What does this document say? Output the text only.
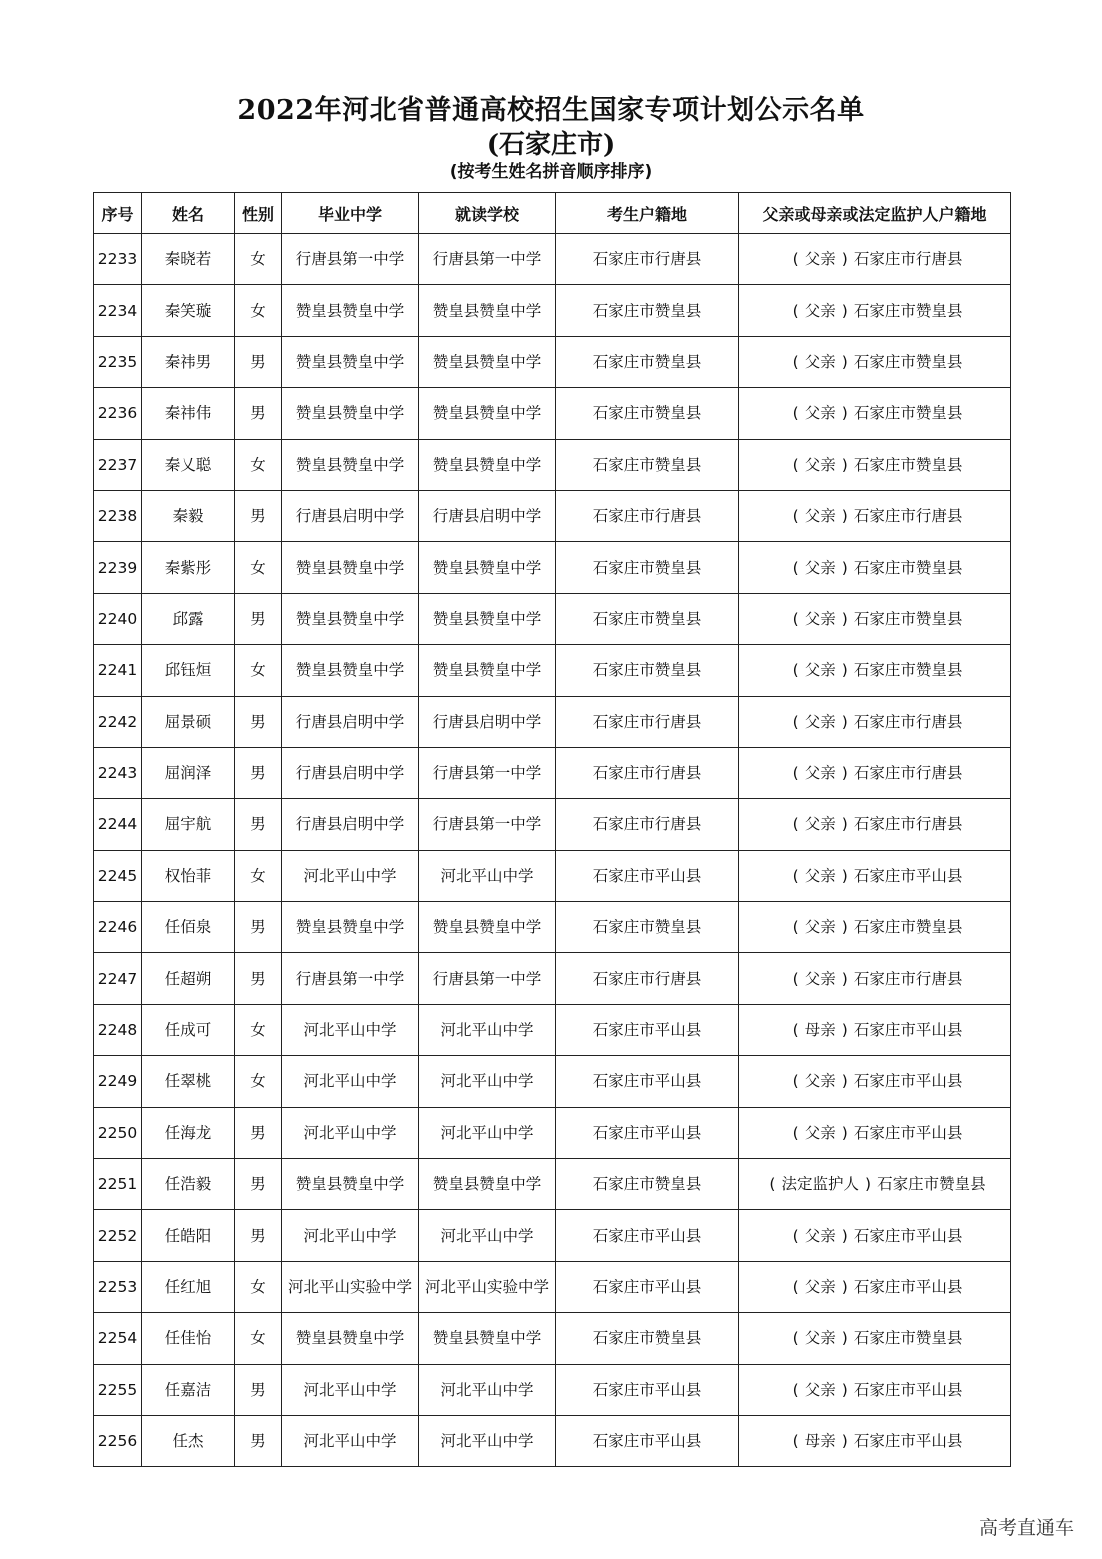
2022年河北省普通高校招生国家专项计划公示名单
(石家庄市)
(按考生姓名拼音顺序排序)
序号	姓名	性别	毕业中学	就读学校	考生户籍地	父亲或母亲或法定监护人户籍地
2233	秦晓若	女	行唐县第一中学	行唐县第一中学	石家庄市行唐县	( 父亲 ) 石家庄市行唐县
2234	秦笑璇	女	赞皇县赞皇中学	赞皇县赞皇中学	石家庄市赞皇县	( 父亲 ) 石家庄市赞皇县
2235	秦祎男	男	赞皇县赞皇中学	赞皇县赞皇中学	石家庄市赞皇县	( 父亲 ) 石家庄市赞皇县
2236	秦祎伟	男	赞皇县赞皇中学	赞皇县赞皇中学	石家庄市赞皇县	( 父亲 ) 石家庄市赞皇县
2237	秦乂聪	女	赞皇县赞皇中学	赞皇县赞皇中学	石家庄市赞皇县	( 父亲 ) 石家庄市赞皇县
2238	秦毅	男	行唐县启明中学	行唐县启明中学	石家庄市行唐县	( 父亲 ) 石家庄市行唐县
2239	秦紫彤	女	赞皇县赞皇中学	赞皇县赞皇中学	石家庄市赞皇县	( 父亲 ) 石家庄市赞皇县
2240	邱露	男	赞皇县赞皇中学	赞皇县赞皇中学	石家庄市赞皇县	( 父亲 ) 石家庄市赞皇县
2241	邱钰烜	女	赞皇县赞皇中学	赞皇县赞皇中学	石家庄市赞皇县	( 父亲 ) 石家庄市赞皇县
2242	屈景硕	男	行唐县启明中学	行唐县启明中学	石家庄市行唐县	( 父亲 ) 石家庄市行唐县
2243	屈润泽	男	行唐县启明中学	行唐县第一中学	石家庄市行唐县	( 父亲 ) 石家庄市行唐县
2244	屈宇航	男	行唐县启明中学	行唐县第一中学	石家庄市行唐县	( 父亲 ) 石家庄市行唐县
2245	权怡菲	女	河北平山中学	河北平山中学	石家庄市平山县	( 父亲 ) 石家庄市平山县
2246	任佰泉	男	赞皇县赞皇中学	赞皇县赞皇中学	石家庄市赞皇县	( 父亲 ) 石家庄市赞皇县
2247	任超朔	男	行唐县第一中学	行唐县第一中学	石家庄市行唐县	( 父亲 ) 石家庄市行唐县
2248	任成可	女	河北平山中学	河北平山中学	石家庄市平山县	( 母亲 ) 石家庄市平山县
2249	任翠桃	女	河北平山中学	河北平山中学	石家庄市平山县	( 父亲 ) 石家庄市平山县
2250	任海龙	男	河北平山中学	河北平山中学	石家庄市平山县	( 父亲 ) 石家庄市平山县
2251	任浩毅	男	赞皇县赞皇中学	赞皇县赞皇中学	石家庄市赞皇县	( 法定监护人 ) 石家庄市赞皇县
2252	任皓阳	男	河北平山中学	河北平山中学	石家庄市平山县	( 父亲 ) 石家庄市平山县
2253	任红旭	女	河北平山实验中学	河北平山实验中学	石家庄市平山县	( 父亲 ) 石家庄市平山县
2254	任佳怡	女	赞皇县赞皇中学	赞皇县赞皇中学	石家庄市赞皇县	( 父亲 ) 石家庄市赞皇县
2255	任嘉洁	男	河北平山中学	河北平山中学	石家庄市平山县	( 父亲 ) 石家庄市平山县
2256	任杰	男	河北平山中学	河北平山中学	石家庄市平山县	( 母亲 ) 石家庄市平山县
高考直通车
